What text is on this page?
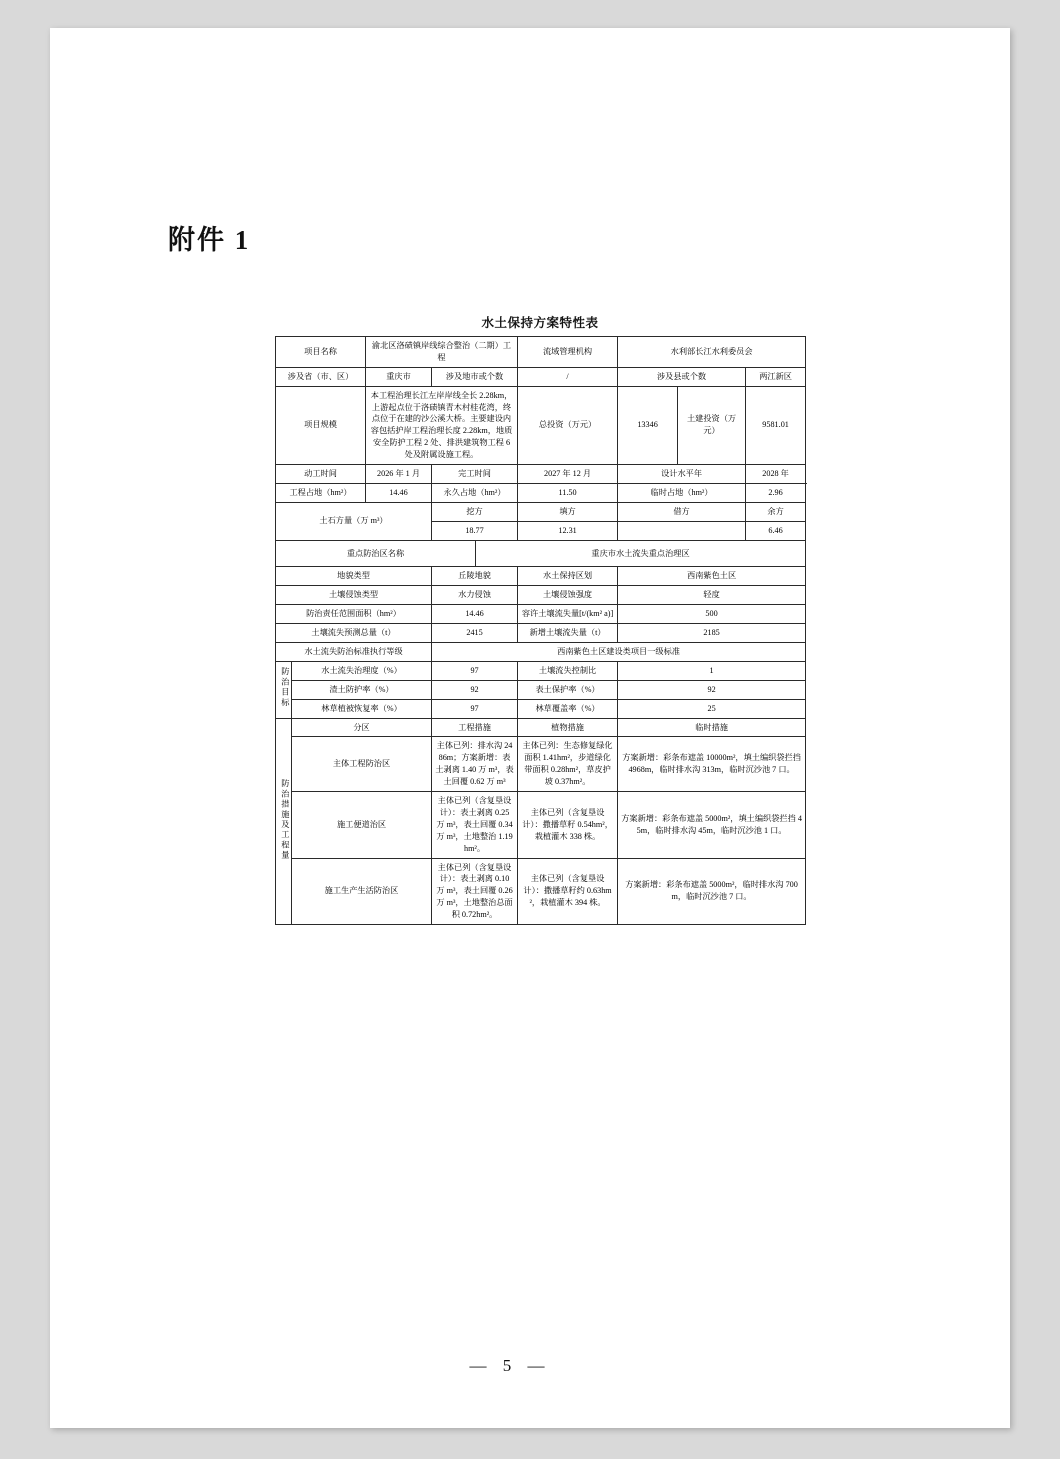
附件 1
水土保持方案特性表
项目名称		渝北区洛碛镇岸线综合整治（二期）工程			流域管理机构	水利部长江水利委员会		
涉及省（市、区）		重庆市	涉及地市或个数		/	涉及县或个数		两江新区
项目规模		本工程治理长江左岸岸线全长 2.28km，上游起点位于洛碛镇青木村桂花湾，终点位于在建的沙公溪大桥。主要建设内容包括护岸工程治理长度 2.28km，地质安全防护工程 2 处、排洪建筑物工程 6 处及附属设施工程。			总投资（万元）	13346	土建投资（万元）	9581.01
动工时间		2026 年 1 月	完工时间		2027 年 12 月	设计水平年		2028 年
工程占地（hm²）		14.46	永久占地（hm²）		11.50	临时占地（hm²）		2.96
土石方量（万 m³）			挖方		填方	借方		余方
			18.77		12.31			6.46
重点防治区名称				重庆市水土流失重点治理区				
地貌类型			丘陵地貌		水土保持区划	西南紫色土区		
土壤侵蚀类型			水力侵蚀		土壤侵蚀强度	轻度		
防治责任范围面积（hm²）			14.46		容许土壤流失量[t/(km² a)]	500		
土壤流失预测总量（t）			2415		新增土壤流失量（t）	2185		
水土流失防治标准执行等级			西南紫色土区建设类项目一级标准					
防治目标	水土流失治理度（%）		97		土壤流失控制比	1		
	渣土防护率（%）		92		表土保护率（%）	92		
	林草植被恢复率（%）		97		林草覆盖率（%）	25		
防治措施及工程量	分区		工程措施		植物措施	临时措施		
	主体工程防治区		主体已列：排水沟 2486m；方案新增：表土剥离 1.40 万 m³，表土回覆 0.62 万 m³		主体已列：生态修复绿化面积 1.41hm²，步道绿化带面积 0.28hm²，草皮护坡 0.37hm²。	方案新增：彩条布遮盖 10000m²，填土编织袋拦挡 4968m，临时排水沟 313m，临时沉沙池 7 口。		
	施工便道治区		主体已列（含复垦设计）：表土剥离 0.25 万 m³，表土回覆 0.34 万 m³，土地整治 1.19hm²。		主体已列（含复垦设计）：撒播草籽 0.54hm²，栽植灌木 338 株。	方案新增：彩条布遮盖 5000m²，填土编织袋拦挡 45m，临时排水沟 45m，临时沉沙池 1 口。		
	施工生产生活防治区		主体已列（含复垦设计）：表土剥离 0.10 万 m³，表土回覆 0.26 万 m³，土地整治总面积 0.72hm²。		主体已列（含复垦设计）：撒播草籽约 0.63hm²，栽植灌木 394 株。	方案新增：彩条布遮盖 5000m²，临时排水沟 700m，临时沉沙池 7 口。		
— 5 —
